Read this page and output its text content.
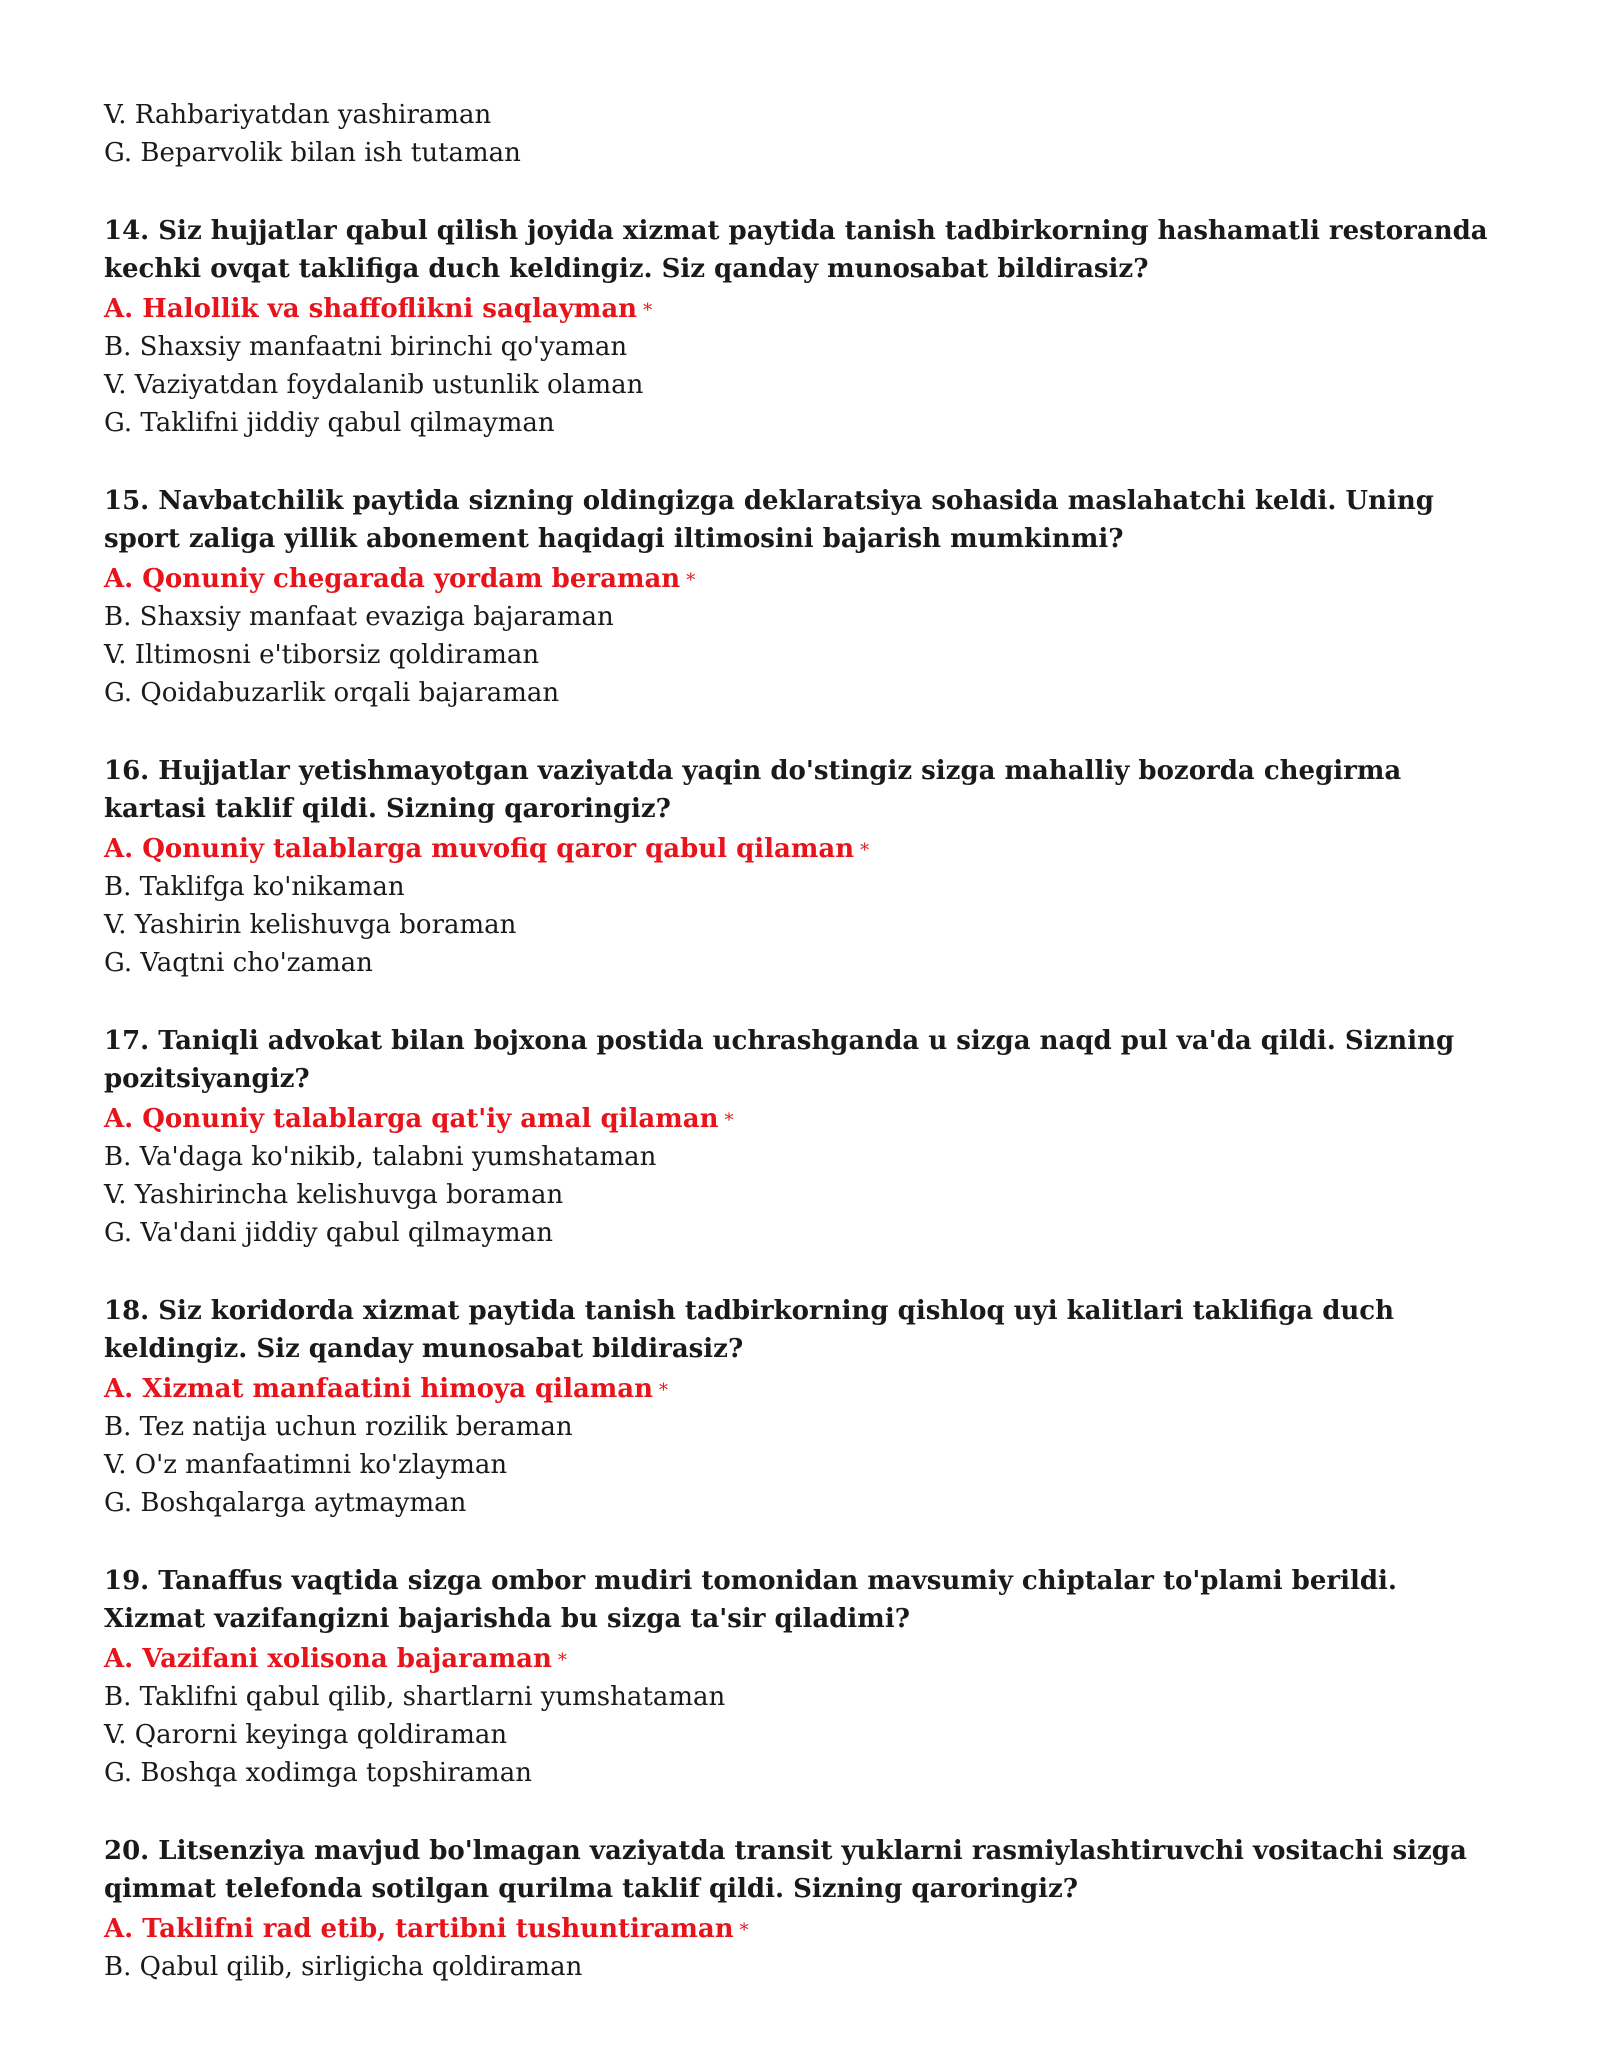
V. Rahbariyatdan yashiraman
G. Beparvolik bilan ish tutaman
14. Siz hujjatlar qabul qilish joyida xizmat paytida tanish tadbirkorning hashamatli restoranda kechki ovqat taklifiga duch keldingiz. Siz qanday munosabat bildirasiz?
A. Halollik va shaffoflikni saqlayman *
B. Shaxsiy manfaatni birinchi qo'yaman
V. Vaziyatdan foydalanib ustunlik olaman
G. Taklifni jiddiy qabul qilmayman
15. Navbatchilik paytida sizning oldingizga deklaratsiya sohasida maslahatchi keldi. Uning sport zaliga yillik abonement haqidagi iltimosini bajarish mumkinmi?
A. Qonuniy chegarada yordam beraman *
B. Shaxsiy manfaat evaziga bajaraman
V. Iltimosni e'tiborsiz qoldiraman
G. Qoidabuzarlik orqali bajaraman
16. Hujjatlar yetishmayotgan vaziyatda yaqin do'stingiz sizga mahalliy bozorda chegirma kartasi taklif qildi. Sizning qaroringiz?
A. Qonuniy talablarga muvofiq qaror qabul qilaman *
B. Taklifga ko'nikaman
V. Yashirin kelishuvga boraman
G. Vaqtni cho'zaman
17. Taniqli advokat bilan bojxona postida uchrashganda u sizga naqd pul va'da qildi. Sizning pozitsiyangiz?
A. Qonuniy talablarga qat'iy amal qilaman *
B. Va'daga ko'nikib, talabni yumshataman
V. Yashirincha kelishuvga boraman
G. Va'dani jiddiy qabul qilmayman
18. Siz koridorda xizmat paytida tanish tadbirkorning qishloq uyi kalitlari taklifiga duch keldingiz. Siz qanday munosabat bildirasiz?
A. Xizmat manfaatini himoya qilaman *
B. Tez natija uchun rozilik beraman
V. O'z manfaatimni ko'zlayman
G. Boshqalarga aytmayman
19. Tanaffus vaqtida sizga ombor mudiri tomonidan mavsumiy chiptalar to'plami berildi. Xizmat vazifangizni bajarishda bu sizga ta'sir qiladimi?
A. Vazifani xolisona bajaraman *
B. Taklifni qabul qilib, shartlarni yumshataman
V. Qarorni keyinga qoldiraman
G. Boshqa xodimga topshiraman
20. Litsenziya mavjud bo'lmagan vaziyatda transit yuklarni rasmiylashtiruvchi vositachi sizga qimmat telefonda sotilgan qurilma taklif qildi. Sizning qaroringiz?
A. Taklifni rad etib, tartibni tushuntiraman *
B. Qabul qilib, sirligicha qoldiraman
